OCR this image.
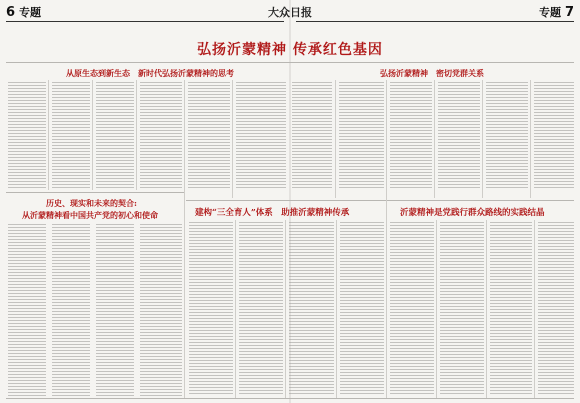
6 专题	专题 7
大众日报
弘扬沂蒙精神 传承红色基因
从原生态到新生态　新时代弘扬沂蒙精神的思考	弘扬沂蒙精神　密切党群关系
历史、现实和未来的契合:
从沂蒙精神看中国共产党的初心和使命	建构“三全育人”体系　助推沂蒙精神传承	沂蒙精神是党践行群众路线的实践结晶
